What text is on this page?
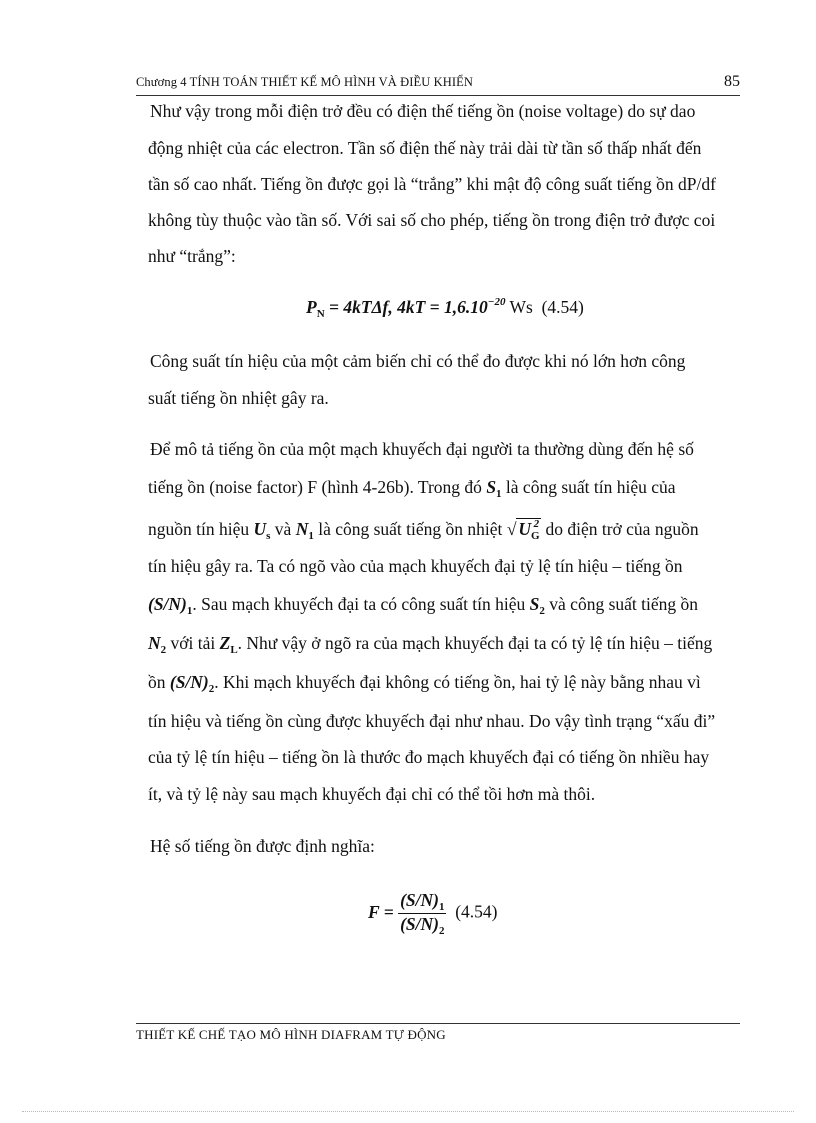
Chương 4 TÍNH TOÁN THIẾT KẾ MÔ HÌNH VÀ ĐIỀU KHIỂN	85
Như vậy trong mỗi điện trở đều có điện thế tiếng ồn (noise voltage) do sự dao
động nhiệt của các electron. Tần số điện thế này trải dài từ tần số thấp nhất đến
tần số cao nhất. Tiếng ồn được gọi là “trắng” khi mật độ công suất tiếng ồn dP/df
không tùy thuộc vào tần số. Với sai số cho phép, tiếng ồn trong điện trở được coi
như “trắng”:
$P_N = 4kT\Delta f$, $4kT = 1,6.10^{-20}$ Ws (4.54)
Công suất tín hiệu của một cảm biến chỉ có thể đo được khi nó lớn hơn công
suất tiếng ồn nhiệt gây ra.
Để mô tả tiếng ồn của một mạch khuyếch đại người ta thường dùng đến hệ số
tiếng ồn (noise factor) F (hình 4-26b). Trong đó $S_1$ là công suất tín hiệu của
nguồn tín hiệu $U_s$ và $N_1$ là công suất tiếng ồn nhiệt √ $U_G^2$ do điện trở của nguồn
tín hiệu gây ra. Ta có ngõ vào của mạch khuyếch đại tỷ lệ tín hiệu – tiếng ồn
$(S/N)_1$. Sau mạch khuyếch đại ta có công suất tín hiệu $S_2$ và công suất tiếng ồn
$N_2$ với tải $Z_L$. Như vậy ở ngõ ra của mạch khuyếch đại ta có tỷ lệ tín hiệu – tiếng
ồn $(S/N)_2$. Khi mạch khuyếch đại không có tiếng ồn, hai tỷ lệ này bằng nhau vì
tín hiệu và tiếng ồn cùng được khuyếch đại như nhau. Do vậy tình trạng “xấu đi”
của tỷ lệ tín hiệu – tiếng ồn là thước đo mạch khuyếch đại có tiếng ồn nhiều hay
ít, và tỷ lệ này sau mạch khuyếch đại chỉ có thể tồi hơn mà thôi.
Hệ số tiếng ồn được định nghĩa:
$F = \frac{(S/N)_1}{(S/N)_2} (4.54)$
THIẾT KẾ CHẾ TẠO MÔ HÌNH DIAFRAM TỰ ĐỘNG
